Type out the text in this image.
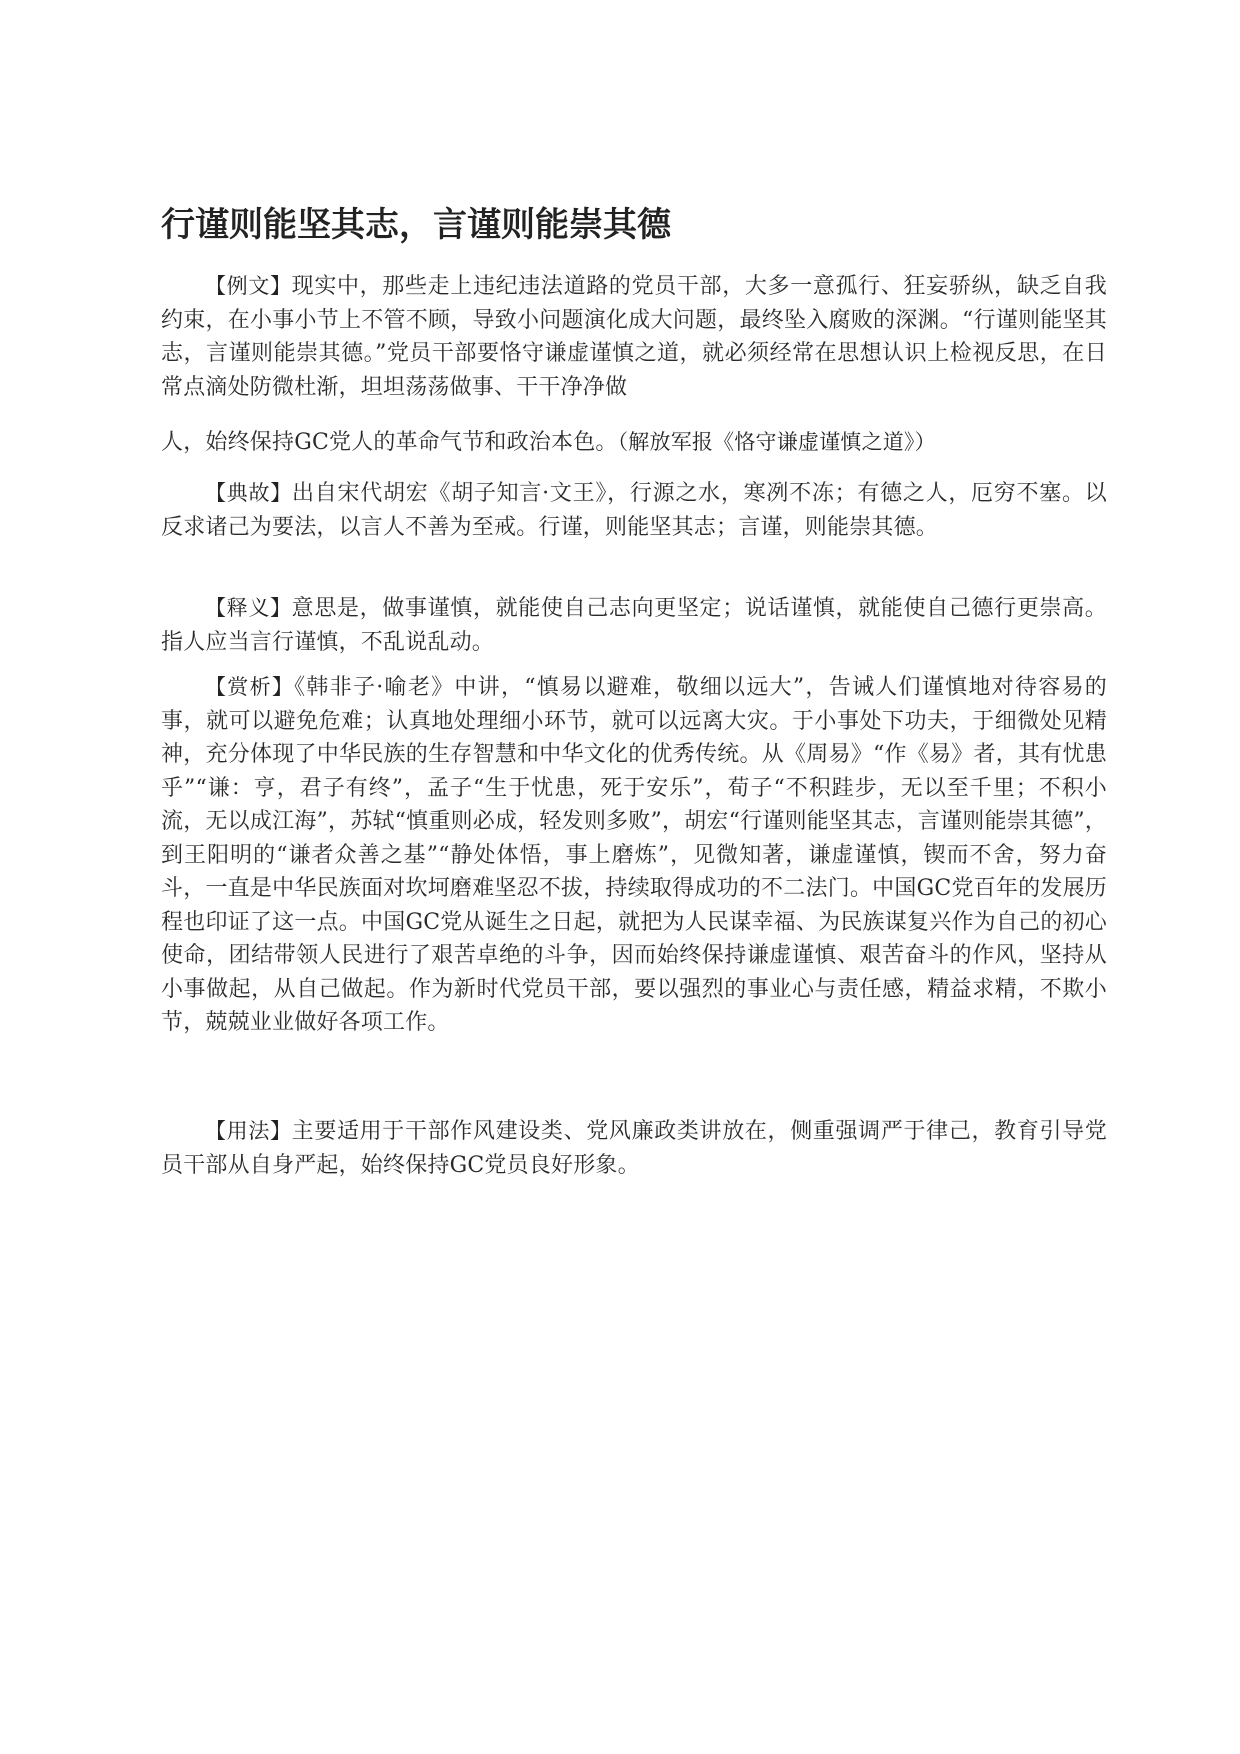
行谨则能坚其志，言谨则能崇其德

【例文】现实中，那些走上违纪违法道路的党员干部，大多一意孤行、狂妄骄纵，缺乏自我约束，在小事小节上不管不顾，导致小问题演化成大问题，最终坠入腐败的深渊。“行谨则能坚其志，言谨则能崇其德。”党员干部要恪守谦虚谨慎之道，就必须经常在思想认识上检视反思，在日常点滴处防微杜渐，坦坦荡荡做事、干干净净做
人，始终保持GC党人的革命气节和政治本色。（解放军报《恪守谦虚谨慎之道》）

【典故】出自宋代胡宏《胡子知言·文王》，行源之水，寒冽不冻；有德之人，厄穷不塞。以反求诸己为要法，以言人不善为至戒。行谨，则能坚其志；言谨，则能崇其德。

【释义】意思是，做事谨慎，就能使自己志向更坚定；说话谨慎，就能使自己德行更崇高。指人应当言行谨慎，不乱说乱动。

【赏析】《韩非子·喻老》中讲，“慎易以避难，敬细以远大”，告诫人们谨慎地对待容易的事，就可以避免危难；认真地处理细小环节，就可以远离大灾。于小事处下功夫，于细微处见精神，充分体现了中华民族的生存智慧和中华文化的优秀传统。从《周易》“作《易》者，其有忧患乎”“谦：亨，君子有终”，孟子“生于忧患，死于安乐”，荀子“不积跬步，无以至千里；不积小流，无以成江海”，苏轼“慎重则必成，轻发则多败”，胡宏“行谨则能坚其志，言谨则能崇其德”，到王阳明的“谦者众善之基”“静处体悟，事上磨炼”，见微知著，谦虚谨慎，锲而不舍，努力奋斗，一直是中华民族面对坎坷磨难坚忍不拔，持续取得成功的不二法门。中国GC党百年的发展历程也印证了这一点。中国GC党从诞生之日起，就把为人民谋幸福、为民族谋复兴作为自己的初心使命，团结带领人民进行了艰苦卓绝的斗争，因而始终保持谦虚谨慎、艰苦奋斗的作风，坚持从小事做起，从自己做起。作为新时代党员干部，要以强烈的事业心与责任感，精益求精，不欺小节，兢兢业业做好各项工作。

【用法】主要适用于干部作风建设类、党风廉政类讲放在，侧重强调严于律己，教育引导党员干部从自身严起，始终保持GC党员良好形象。
